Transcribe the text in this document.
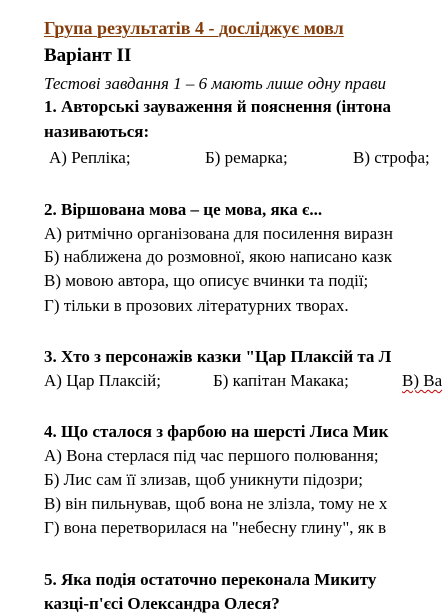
Група результатів 4 - досліджує мовл
Варіант ІІ
Тестові завдання 1 – 6 мають лише одну прави
1. Авторські зауваження й пояснення (інтона
називаються:
А) Репліка;	Б) ремарка;	В) строфа;
2. Віршована мова – це мова, яка є...
А) ритмічно організована для посилення виразн
Б) наближена до розмовної, якою написано казк
В) мовою автора, що описує вчинки та події;
Г) тільки в прозових літературних творах.
3. Хто з персонажів казки "Цар Плаксій та Л
А) Цар Плаксій;	Б) капітан Макака;	В) Ва
4. Що сталося з фарбою на шерсті Лиса Мик
А) Вона стерлася під час першого полювання;
Б) Лис сам її злизав, щоб уникнути підозри;
В) він пильнував, щоб вона не злізла, тому не х
Г) вона перетворилася на "небесну глину", як в
5. Яка подія остаточно переконала Микиту
казці-п'єсі Олександра Олеся?
